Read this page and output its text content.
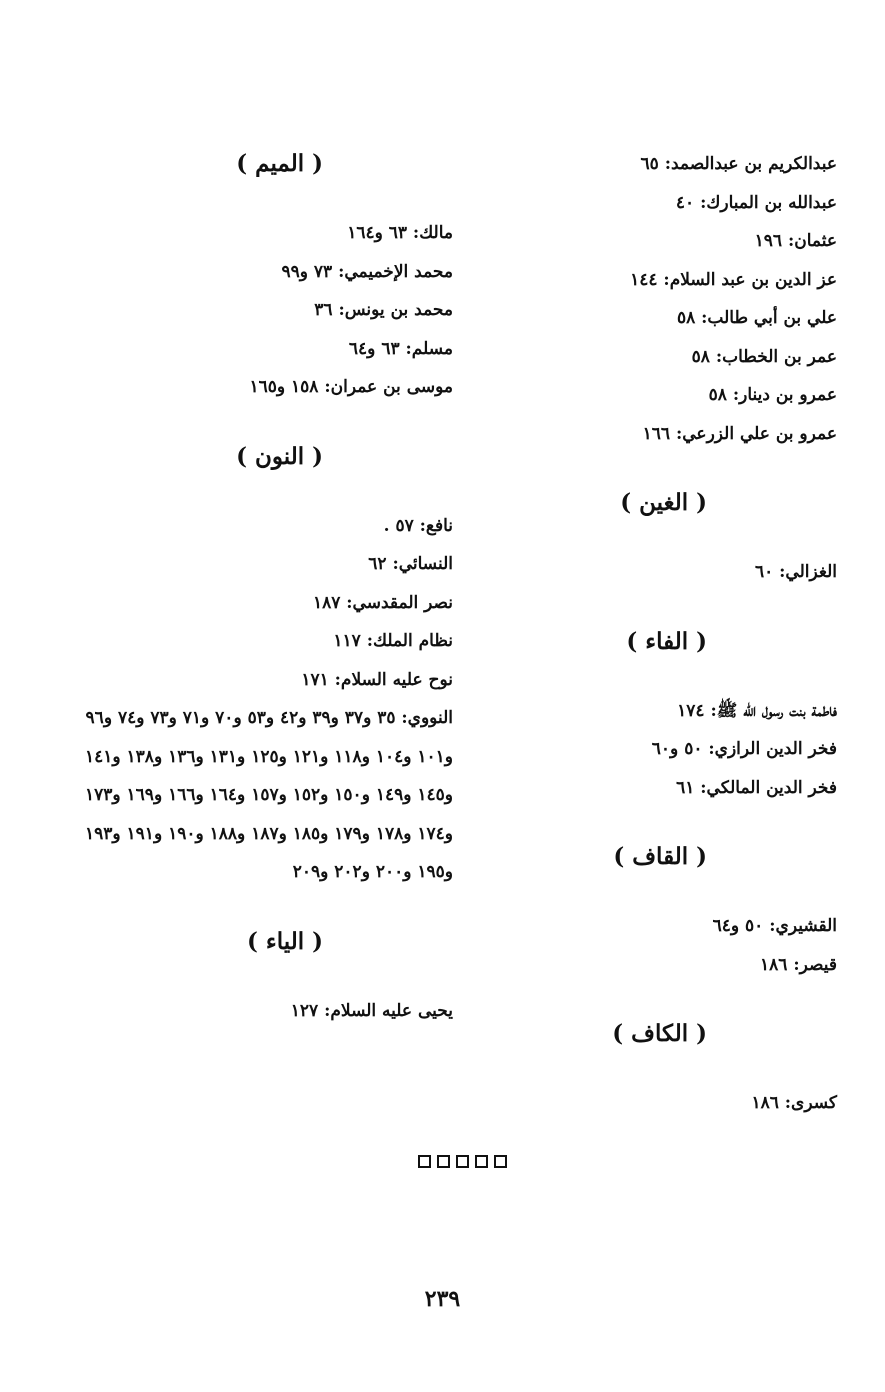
عبدالكريم بن عبدالصمد: ٦٥
عبدالله بن المبارك: ٤٠
عثمان: ١٩٦
عز الدين بن عبد السلام: ١٤٤
علي بن أبي طالب: ٥٨
عمر بن الخطاب: ٥٨
عمرو بن دينار: ٥٨
عمرو بن علي الزرعي: ١٦٦
( الغين )
الغزالي: ٦٠
( الفاء )
فاطمة بنت رسول الله ﷺ: ١٧٤
فخر الدين الرازي: ٥٠ و٦٠
فخر الدين المالكي: ٦١
( القاف )
القشيري: ٥٠ و٦٤
قيصر: ١٨٦
( الكاف )
كسرى: ١٨٦
( الميم )
مالك: ٦٣ و١٦٤
محمد الإخميمي: ٧٣ و٩٩
محمد بن يونس: ٣٦
مسلم: ٦٣ و٦٤
موسى بن عمران: ١٥٨ و١٦٥
( النون )
نافع: ٥٧ .
النسائي: ٦٢
نصر المقدسي: ١٨٧
نظام الملك: ١١٧
نوح عليه السلام: ١٧١
النووي: ٣٥ و٣٧ و٣٩ و٤٢ و٥٣ و٧٠ و٧١ و٧٣ و٧٤ و٩٦ و١٠١ و١٠٤ و١١٨ و١٢١ و١٢٥ و١٣١ و١٣٦ و١٣٨ و١٤١ و١٤٥ و١٤٩ و١٥٠ و١٥٢ و١٥٧ و١٦٤ و١٦٦ و١٦٩ و١٧٣ و١٧٤ و١٧٨ و١٧٩ و١٨٥ و١٨٧ و١٨٨ و١٩٠ و١٩١ و١٩٣ و١٩٥ و٢٠٠ و٢٠٢ و٢٠٩
( الياء )
يحيى عليه السلام: ١٢٧
٢٣٩
